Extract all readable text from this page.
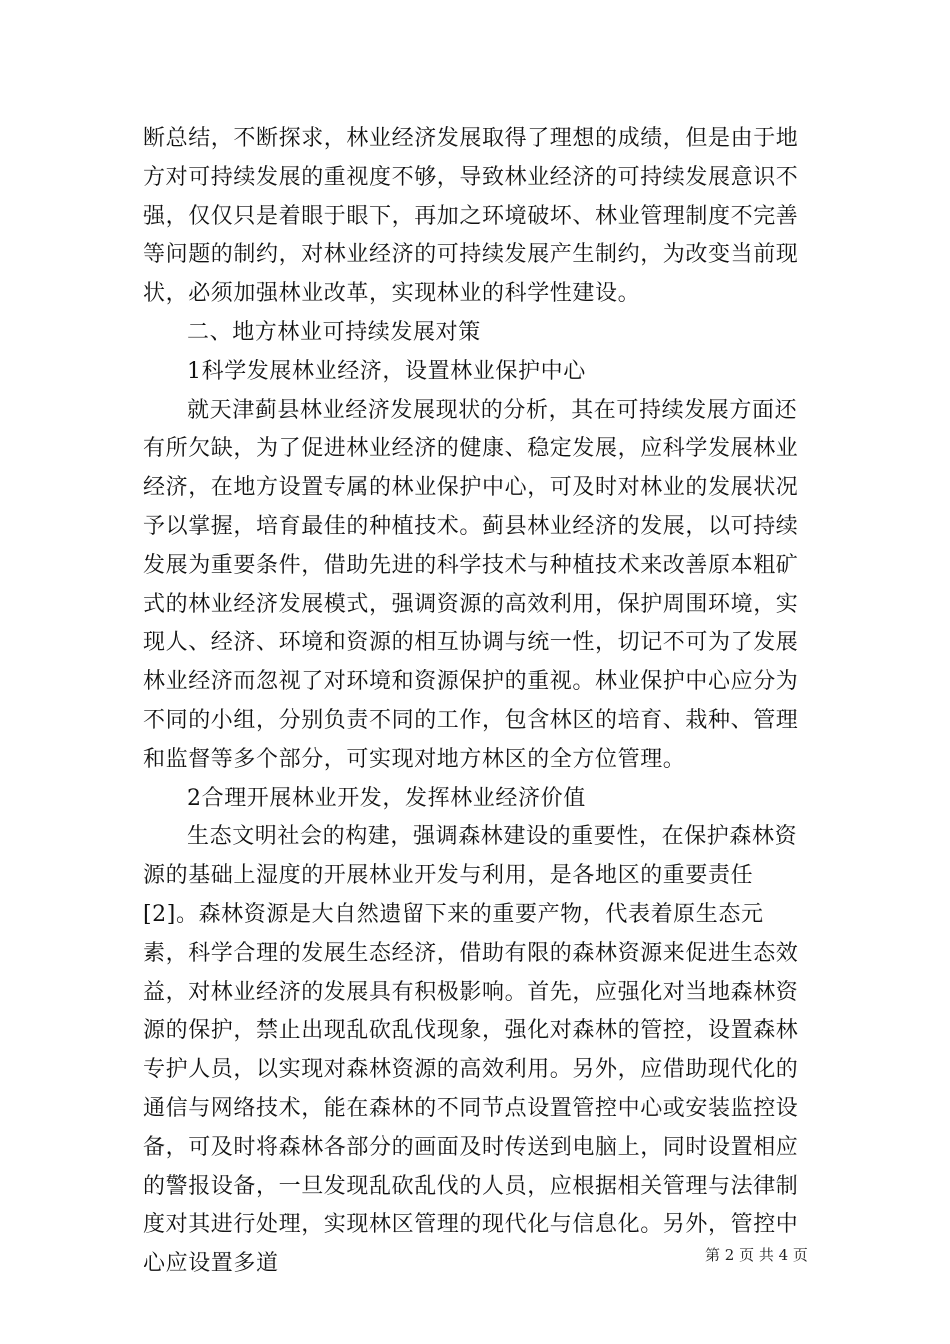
断总结，不断探求，林业经济发展取得了理想的成绩，但是由于地方对可持续发展的重视度不够，导致林业经济的可持续发展意识不强，仅仅只是着眼于眼下，再加之环境破坏、林业管理制度不完善等问题的制约，对林业经济的可持续发展产生制约，为改变当前现状，必须加强林业改革，实现林业的科学性建设。

二、地方林业可持续发展对策

1科学发展林业经济，设置林业保护中心

就天津蓟县林业经济发展现状的分析，其在可持续发展方面还有所欠缺，为了促进林业经济的健康、稳定发展，应科学发展林业经济，在地方设置专属的林业保护中心，可及时对林业的发展状况予以掌握，培育最佳的种植技术。蓟县林业经济的发展，以可持续发展为重要条件，借助先进的科学技术与种植技术来改善原本粗矿式的林业经济发展模式，强调资源的高效利用，保护周围环境，实现人、经济、环境和资源的相互协调与统一性，切记不可为了发展林业经济而忽视了对环境和资源保护的重视。林业保护中心应分为不同的小组，分别负责不同的工作，包含林区的培育、栽种、管理和监督等多个部分，可实现对地方林区的全方位管理。

2合理开展林业开发，发挥林业经济价值

生态文明社会的构建，强调森林建设的重要性，在保护森林资源的基础上湿度的开展林业开发与利用，是各地区的重要责任[2]。森林资源是大自然遗留下来的重要产物，代表着原生态元素，科学合理的发展生态经济，借助有限的森林资源来促进生态效益，对林业经济的发展具有积极影响。首先，应强化对当地森林资源的保护，禁止出现乱砍乱伐现象，强化对森林的管控，设置森林专护人员，以实现对森林资源的高效利用。另外，应借助现代化的通信与网络技术，能在森林的不同节点设置管控中心或安装监控设备，可及时将森林各部分的画面及时传送到电脑上，同时设置相应的警报设备，一旦发现乱砍乱伐的人员，应根据相关管理与法律制度对其进行处理，实现林区管理的现代化与信息化。另外，管控中心应设置多道	第 2 页 共 4 页
